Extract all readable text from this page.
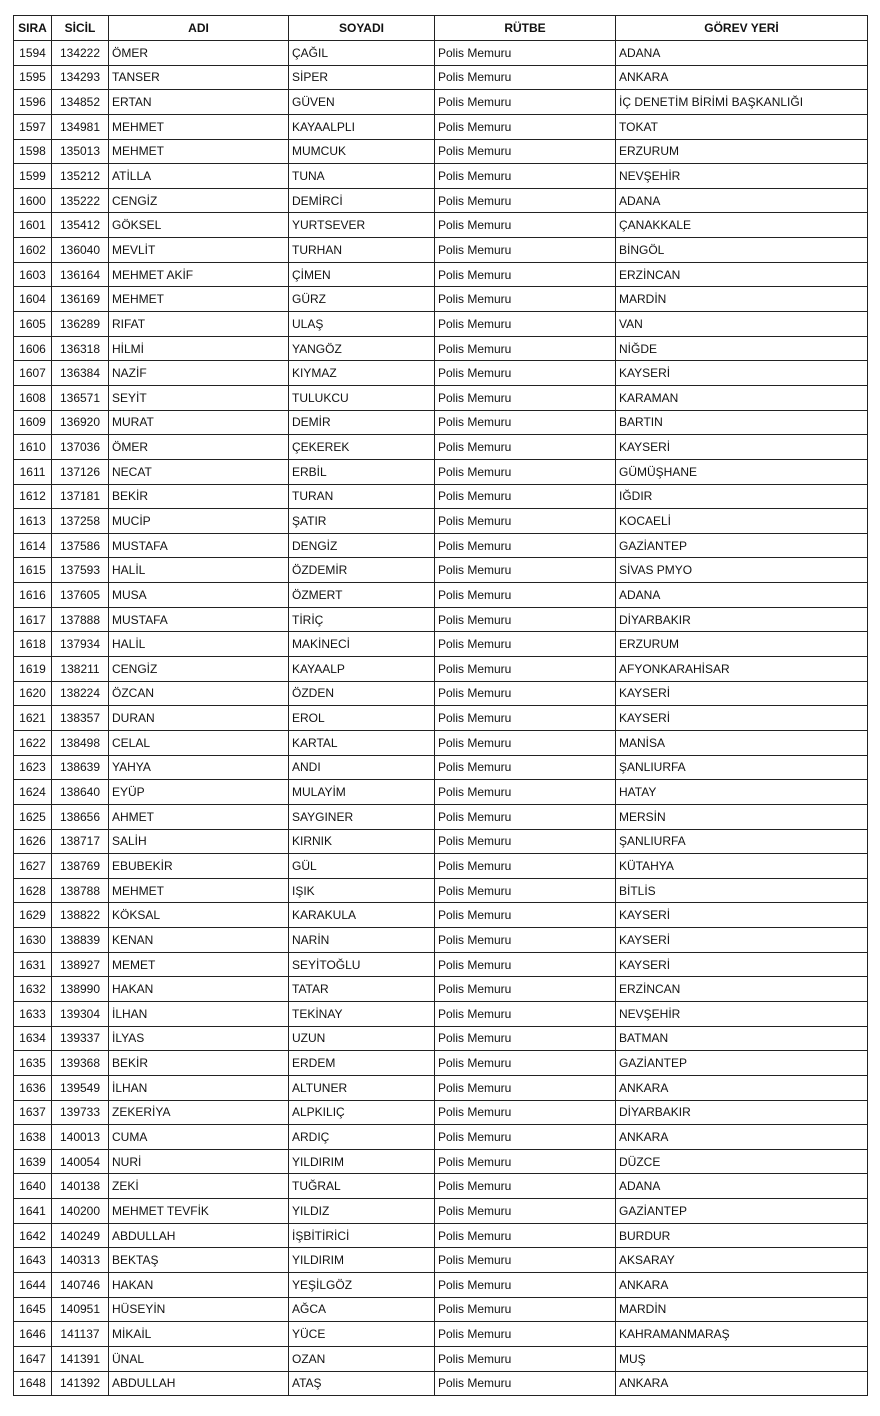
SIRA	SİCİL	ADI	SOYADI	RÜTBE	GÖREV YERİ
1594	134222	ÖMER	ÇAĞIL	Polis Memuru	ADANA
1595	134293	TANSER	SİPER	Polis Memuru	ANKARA
1596	134852	ERTAN	GÜVEN	Polis Memuru	İÇ DENETİM BİRİMİ BAŞKANLIĞI
1597	134981	MEHMET	KAYAALPLI	Polis Memuru	TOKAT
1598	135013	MEHMET	MUMCUK	Polis Memuru	ERZURUM
1599	135212	ATİLLA	TUNA	Polis Memuru	NEVŞEHİR
1600	135222	CENGİZ	DEMİRCİ	Polis Memuru	ADANA
1601	135412	GÖKSEL	YURTSEVER	Polis Memuru	ÇANAKKALE
1602	136040	MEVLİT	TURHAN	Polis Memuru	BİNGÖL
1603	136164	MEHMET AKİF	ÇİMEN	Polis Memuru	ERZİNCAN
1604	136169	MEHMET	GÜRZ	Polis Memuru	MARDİN
1605	136289	RIFAT	ULAŞ	Polis Memuru	VAN
1606	136318	HİLMİ	YANGÖZ	Polis Memuru	NİĞDE
1607	136384	NAZİF	KIYMAZ	Polis Memuru	KAYSERİ
1608	136571	SEYİT	TULUKCU	Polis Memuru	KARAMAN
1609	136920	MURAT	DEMİR	Polis Memuru	BARTIN
1610	137036	ÖMER	ÇEKEREK	Polis Memuru	KAYSERİ
1611	137126	NECAT	ERBİL	Polis Memuru	GÜMÜŞHANE
1612	137181	BEKİR	TURAN	Polis Memuru	IĞDIR
1613	137258	MUCİP	ŞATIR	Polis Memuru	KOCAELİ
1614	137586	MUSTAFA	DENGİZ	Polis Memuru	GAZİANTEP
1615	137593	HALİL	ÖZDEMİR	Polis Memuru	SİVAS PMYO
1616	137605	MUSA	ÖZMERT	Polis Memuru	ADANA
1617	137888	MUSTAFA	TİRİÇ	Polis Memuru	DİYARBAKIR
1618	137934	HALİL	MAKİNECİ	Polis Memuru	ERZURUM
1619	138211	CENGİZ	KAYAALP	Polis Memuru	AFYONKARAHİSAR
1620	138224	ÖZCAN	ÖZDEN	Polis Memuru	KAYSERİ
1621	138357	DURAN	EROL	Polis Memuru	KAYSERİ
1622	138498	CELAL	KARTAL	Polis Memuru	MANİSA
1623	138639	YAHYA	ANDI	Polis Memuru	ŞANLIURFA
1624	138640	EYÜP	MULAYİM	Polis Memuru	HATAY
1625	138656	AHMET	SAYGINER	Polis Memuru	MERSİN
1626	138717	SALİH	KIRNIK	Polis Memuru	ŞANLIURFA
1627	138769	EBUBEKİR	GÜL	Polis Memuru	KÜTAHYA
1628	138788	MEHMET	IŞIK	Polis Memuru	BİTLİS
1629	138822	KÖKSAL	KARAKULA	Polis Memuru	KAYSERİ
1630	138839	KENAN	NARİN	Polis Memuru	KAYSERİ
1631	138927	MEMET	SEYİTOĞLU	Polis Memuru	KAYSERİ
1632	138990	HAKAN	TATAR	Polis Memuru	ERZİNCAN
1633	139304	İLHAN	TEKİNAY	Polis Memuru	NEVŞEHİR
1634	139337	İLYAS	UZUN	Polis Memuru	BATMAN
1635	139368	BEKİR	ERDEM	Polis Memuru	GAZİANTEP
1636	139549	İLHAN	ALTUNER	Polis Memuru	ANKARA
1637	139733	ZEKERİYA	ALPKILIÇ	Polis Memuru	DİYARBAKIR
1638	140013	CUMA	ARDIÇ	Polis Memuru	ANKARA
1639	140054	NURİ	YILDIRIM	Polis Memuru	DÜZCE
1640	140138	ZEKİ	TUĞRAL	Polis Memuru	ADANA
1641	140200	MEHMET TEVFİK	YILDIZ	Polis Memuru	GAZİANTEP
1642	140249	ABDULLAH	İŞBİTİRİCİ	Polis Memuru	BURDUR
1643	140313	BEKTAŞ	YILDIRIM	Polis Memuru	AKSARAY
1644	140746	HAKAN	YEŞİLGÖZ	Polis Memuru	ANKARA
1645	140951	HÜSEYİN	AĞCA	Polis Memuru	MARDİN
1646	141137	MİKAİL	YÜCE	Polis Memuru	KAHRAMANMARAŞ
1647	141391	ÜNAL	OZAN	Polis Memuru	MUŞ
1648	141392	ABDULLAH	ATAŞ	Polis Memuru	ANKARA
